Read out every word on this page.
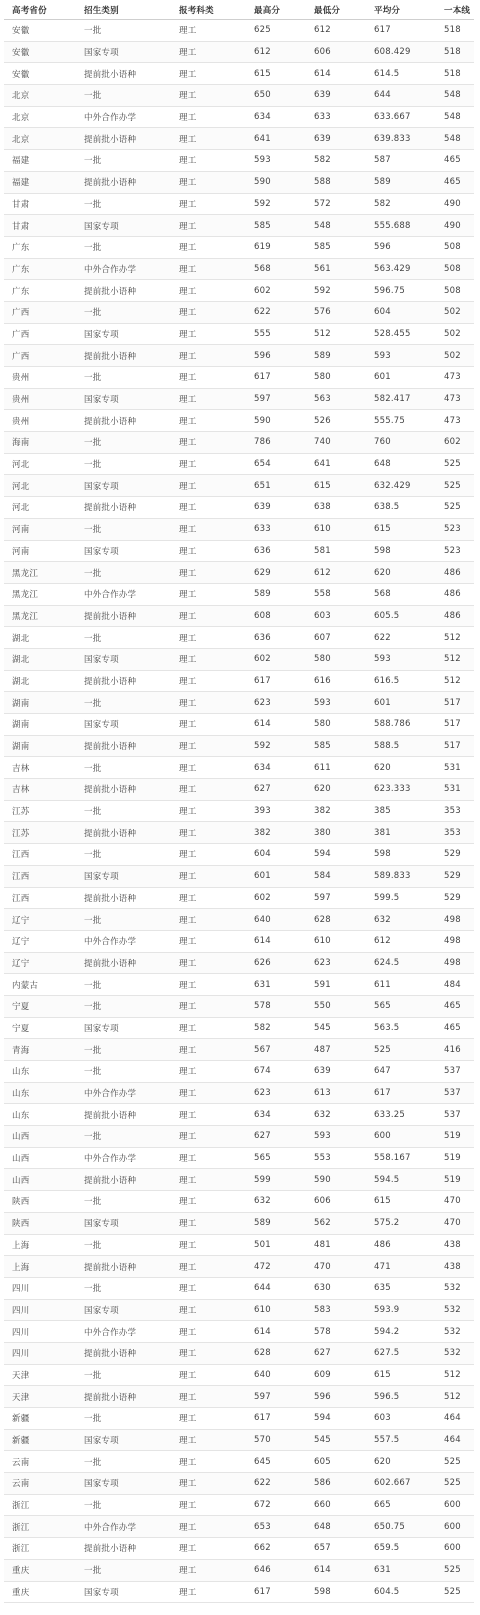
高考省份	招生类别	报考科类	最高分	最低分	平均分	一本线
安徽	一批	理工	625	612	617	518
安徽	国家专项	理工	612	606	608.429	518
安徽	提前批小语种	理工	615	614	614.5	518
北京	一批	理工	650	639	644	548
北京	中外合作办学	理工	634	633	633.667	548
北京	提前批小语种	理工	641	639	639.833	548
福建	一批	理工	593	582	587	465
福建	提前批小语种	理工	590	588	589	465
甘肃	一批	理工	592	572	582	490
甘肃	国家专项	理工	585	548	555.688	490
广东	一批	理工	619	585	596	508
广东	中外合作办学	理工	568	561	563.429	508
广东	提前批小语种	理工	602	592	596.75	508
广西	一批	理工	622	576	604	502
广西	国家专项	理工	555	512	528.455	502
广西	提前批小语种	理工	596	589	593	502
贵州	一批	理工	617	580	601	473
贵州	国家专项	理工	597	563	582.417	473
贵州	提前批小语种	理工	590	526	555.75	473
海南	一批	理工	786	740	760	602
河北	一批	理工	654	641	648	525
河北	国家专项	理工	651	615	632.429	525
河北	提前批小语种	理工	639	638	638.5	525
河南	一批	理工	633	610	615	523
河南	国家专项	理工	636	581	598	523
黑龙江	一批	理工	629	612	620	486
黑龙江	中外合作办学	理工	589	558	568	486
黑龙江	提前批小语种	理工	608	603	605.5	486
湖北	一批	理工	636	607	622	512
湖北	国家专项	理工	602	580	593	512
湖北	提前批小语种	理工	617	616	616.5	512
湖南	一批	理工	623	593	601	517
湖南	国家专项	理工	614	580	588.786	517
湖南	提前批小语种	理工	592	585	588.5	517
吉林	一批	理工	634	611	620	531
吉林	提前批小语种	理工	627	620	623.333	531
江苏	一批	理工	393	382	385	353
江苏	提前批小语种	理工	382	380	381	353
江西	一批	理工	604	594	598	529
江西	国家专项	理工	601	584	589.833	529
江西	提前批小语种	理工	602	597	599.5	529
辽宁	一批	理工	640	628	632	498
辽宁	中外合作办学	理工	614	610	612	498
辽宁	提前批小语种	理工	626	623	624.5	498
内蒙古	一批	理工	631	591	611	484
宁夏	一批	理工	578	550	565	465
宁夏	国家专项	理工	582	545	563.5	465
青海	一批	理工	567	487	525	416
山东	一批	理工	674	639	647	537
山东	中外合作办学	理工	623	613	617	537
山东	提前批小语种	理工	634	632	633.25	537
山西	一批	理工	627	593	600	519
山西	中外合作办学	理工	565	553	558.167	519
山西	提前批小语种	理工	599	590	594.5	519
陕西	一批	理工	632	606	615	470
陕西	国家专项	理工	589	562	575.2	470
上海	一批	理工	501	481	486	438
上海	提前批小语种	理工	472	470	471	438
四川	一批	理工	644	630	635	532
四川	国家专项	理工	610	583	593.9	532
四川	中外合作办学	理工	614	578	594.2	532
四川	提前批小语种	理工	628	627	627.5	532
天津	一批	理工	640	609	615	512
天津	提前批小语种	理工	597	596	596.5	512
新疆	一批	理工	617	594	603	464
新疆	国家专项	理工	570	545	557.5	464
云南	一批	理工	645	605	620	525
云南	国家专项	理工	622	586	602.667	525
浙江	一批	理工	672	660	665	600
浙江	中外合作办学	理工	653	648	650.75	600
浙江	提前批小语种	理工	662	657	659.5	600
重庆	一批	理工	646	614	631	525
重庆	国家专项	理工	617	598	604.5	525
